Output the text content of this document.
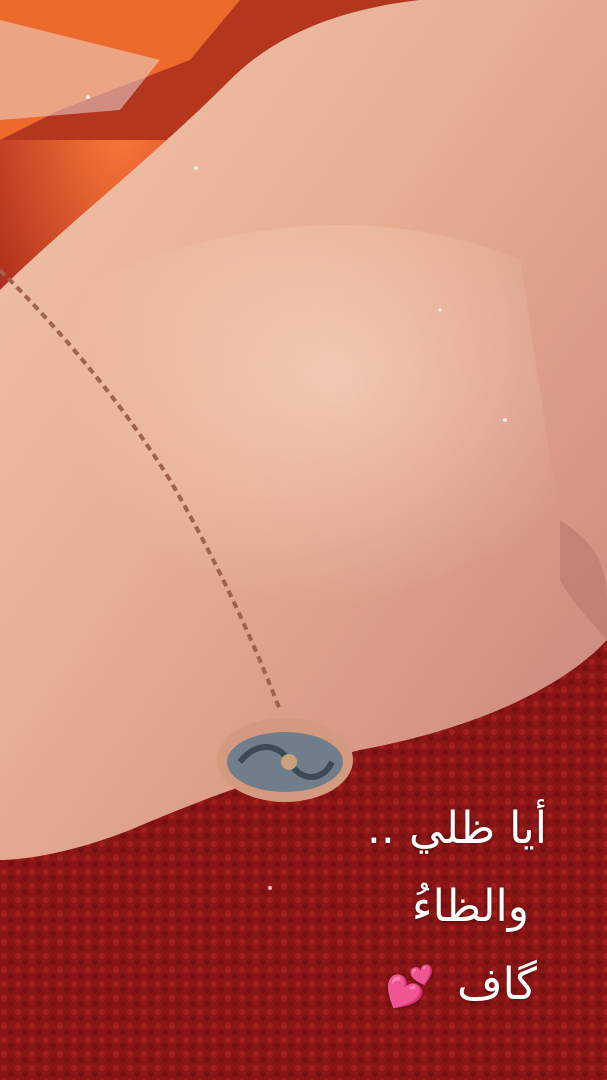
أيا ظلي ..
والظاءُ
گاف 💕
